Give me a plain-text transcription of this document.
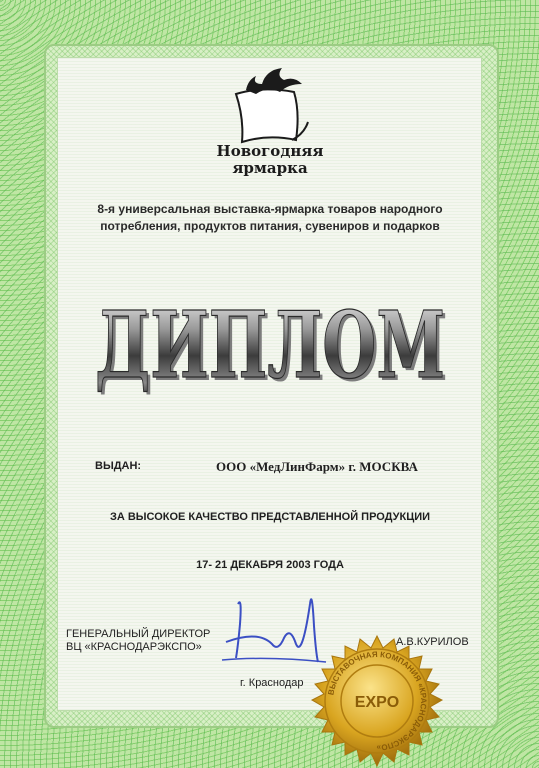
Новогодняя
ярмарка
8-я универсальная выставка-ярмарка товаров народного
потребления, продуктов питания, сувениров и подарков
ДИПЛОМ
ДИПЛОМ
ВЫДАН:	ООО «МедЛинФарм» г. МОСКВА
ЗА ВЫСОКОЕ КАЧЕСТВО ПРЕДСТАВЛЕННОЙ ПРОДУКЦИИ
17- 21 ДЕКАБРЯ 2003 ГОДА
ГЕНЕРАЛЬНЫЙ ДИРЕКТОР
ВЦ «КРАСНОДАРЭКСПО»	А.В.КУРИЛОВ
г. Краснодар
ВЫСТАВОЧНАЯ КОМПАНИЯ «КРАСНОДАРЭКСПО»
EXPO
